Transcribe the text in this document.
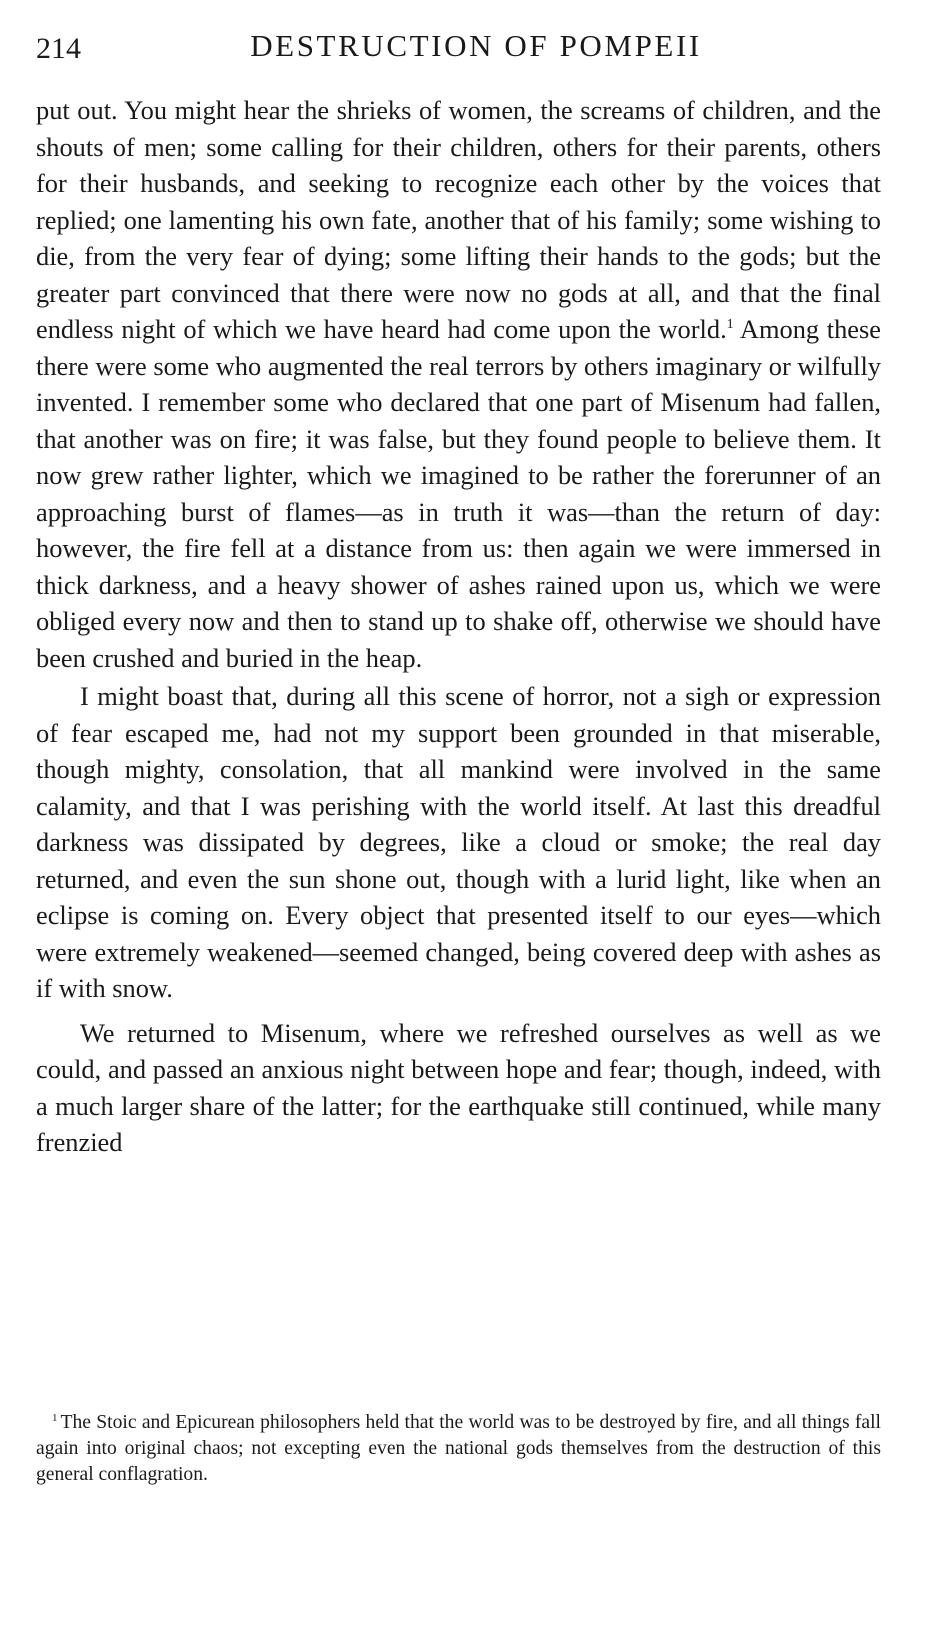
214	DESTRUCTION OF POMPEII

put out. You might hear the shrieks of women, the screams of children, and the shouts of men; some calling for their children, others for their parents, others for their husbands, and seeking to recognize each other by the voices that replied; one lamenting his own fate, another that of his family; some wishing to die, from the very fear of dying; some lifting their hands to the gods; but the greater part convinced that there were now no gods at all, and that the final endless night of which we have heard had come upon the world.$^1$ Among these there were some who augmented the real terrors by others imaginary or wilfully invented. I remember some who declared that one part of Misenum had fallen, that another was on fire; it was false, but they found people to believe them. It now grew rather lighter, which we imagined to be rather the forerunner of an approaching burst of flames—as in truth it was—than the return of day: however, the fire fell at a distance from us: then again we were immersed in thick darkness, and a heavy shower of ashes rained upon us, which we were obliged every now and then to stand up to shake off, otherwise we should have been crushed and buried in the heap.

I might boast that, during all this scene of horror, not a sigh or expression of fear escaped me, had not my support been grounded in that miserable, though mighty, consolation, that all mankind were involved in the same calamity, and that I was perishing with the world itself. At last this dreadful darkness was dissipated by degrees, like a cloud or smoke; the real day returned, and even the sun shone out, though with a lurid light, like when an eclipse is coming on. Every object that presented itself to our eyes—which were extremely weakened—seemed changed, being covered deep with ashes as if with snow.

We returned to Misenum, where we refreshed ourselves as well as we could, and passed an anxious night between hope and fear; though, indeed, with a much larger share of the latter; for the earthquake still continued, while many frenzied

$^1$ The Stoic and Epicurean philosophers held that the world was to be destroyed by fire, and all things fall again into original chaos; not excepting even the national gods themselves from the destruction of this general conflagration.
